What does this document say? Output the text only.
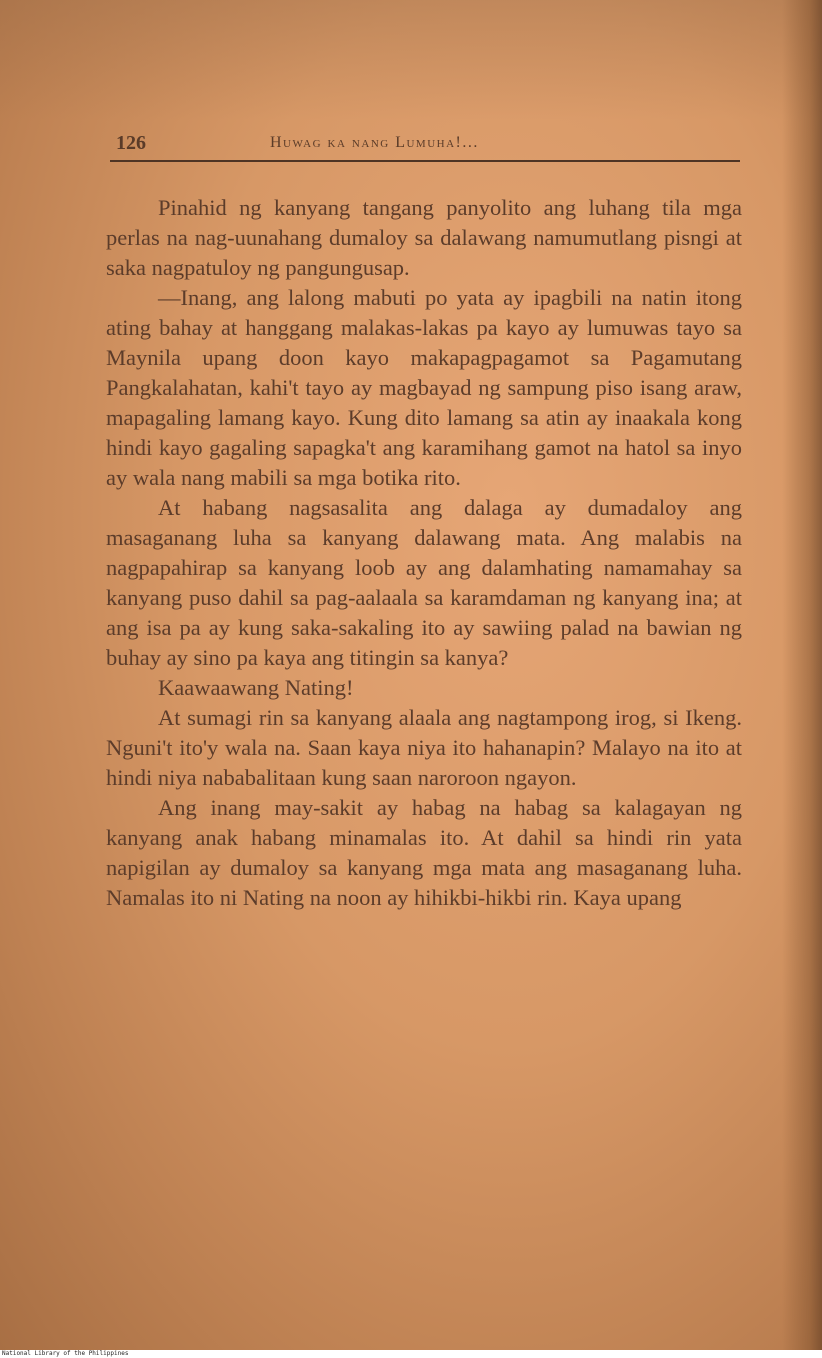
126	Huwag ka nang Lumuha!...

Pinahid ng kanyang tangang panyolito ang luhang tila mga perlas na nag-uunahang dumaloy sa dalawang namumutlang pisngi at saka nagpatuloy ng pangungusap.

—Inang, ang lalong mabuti po yata ay ipagbili na natin itong ating bahay at hanggang malakas-lakas pa kayo ay lumuwas tayo sa Maynila upang doon kayo makapagpagamot sa Pagamutang Pangkalahatan, kahi't tayo ay magbayad ng sampung piso isang araw, mapagaling lamang kayo. Kung dito lamang sa atin ay inaakala kong hindi kayo gagaling sapagka't ang karamihang gamot na hatol sa inyo ay wala nang mabili sa mga botika rito.

At habang nagsasalita ang dalaga ay dumadaloy ang masaganang luha sa kanyang dalawang mata. Ang malabis na nagpapahirap sa kanyang loob ay ang dalamhating namamahay sa kanyang puso dahil sa pag-aalaala sa karamdaman ng kanyang ina; at ang isa pa ay kung saka-sakaling ito ay sawiing palad na bawian ng buhay ay sino pa kaya ang titingin sa kanya?

Kaawaawang Nating!

At sumagi rin sa kanyang alaala ang nagtampong irog, si Ikeng. Nguni't ito'y wala na. Saan kaya niya ito hahanapin? Malayo na ito at hindi niya nababalitaan kung saan naroroon ngayon.

Ang inang may-sakit ay habag na habag sa kalagayan ng kanyang anak habang minamalas ito. At dahil sa hindi rin yata napigilan ay dumaloy sa kanyang mga mata ang masaganang luha. Namalas ito ni Nating na noon ay hihikbi-hikbi rin. Kaya upang

National Library of the Philippines
